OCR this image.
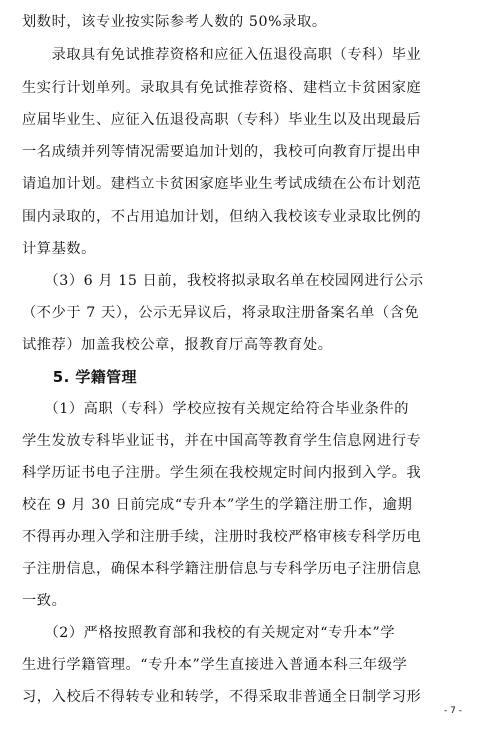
划数时，该专业按实际参考人数的 50%录取。
　　录取具有免试推荐资格和应征入伍退役高职（专科）毕业
生实行计划单列。录取具有免试推荐资格、建档立卡贫困家庭
应届毕业生、应征入伍退役高职（专科）毕业生以及出现最后
一名成绩并列等情况需要追加计划的，我校可向教育厅提出申
请追加计划。建档立卡贫困家庭毕业生考试成绩在公布计划范
围内录取的，不占用追加计划，但纳入我校该专业录取比例的
计算基数。
　　（3）6 月 15 日前，我校将拟录取名单在校园网进行公示
（不少于 7 天），公示无异议后，将录取注册备案名单（含免
试推荐）加盖我校公章，报教育厅高等教育处。
　　5. 学籍管理
　　（1）高职（专科）学校应按有关规定给符合毕业条件的
学生发放专科毕业证书，并在中国高等教育学生信息网进行专
科学历证书电子注册。学生须在我校规定时间内报到入学。我
校在 9 月 30 日前完成“专升本”学生的学籍注册工作，逾期
不得再办理入学和注册手续，注册时我校严格审核专科学历电
子注册信息，确保本科学籍注册信息与专科学历电子注册信息
一致。
　　（2）严格按照教育部和我校的有关规定对“专升本”学
生进行学籍管理。“专升本”学生直接进入普通本科三年级学
习，入校后不得转专业和转学，不得采取非普通全日制学习形
- 7 -
